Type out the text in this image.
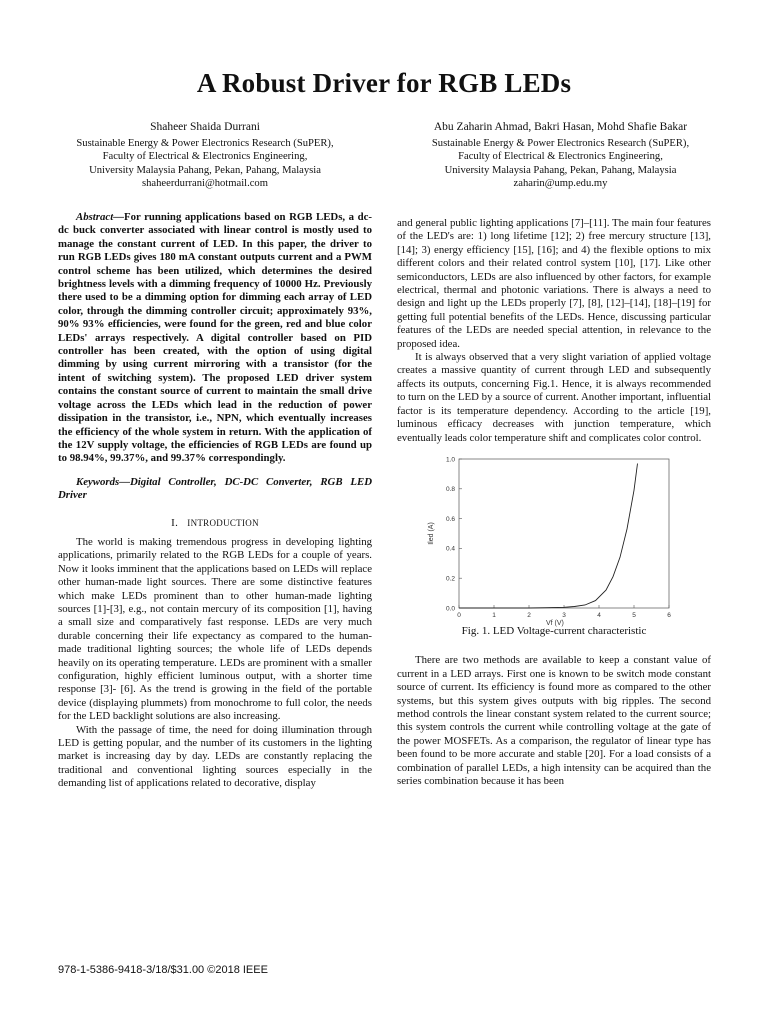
A Robust Driver for RGB LEDs
Shaheer Shaida Durrani
Sustainable Energy & Power Electronics Research (SuPER),
Faculty of Electrical & Electronics Engineering,
University Malaysia Pahang, Pekan, Pahang, Malaysia
shaheerdurrani@hotmail.com
Abu Zaharin Ahmad, Bakri Hasan, Mohd Shafie Bakar
Sustainable Energy & Power Electronics Research (SuPER),
Faculty of Electrical & Electronics Engineering,
University Malaysia Pahang, Pekan, Pahang, Malaysia
zaharin@ump.edu.my

Abstract—For running applications based on RGB LEDs, a dc-dc buck converter associated with linear control is mostly used to manage the constant current of LED. In this paper, the driver to run RGB LEDs gives 180 mA constant outputs current and a PWM control scheme has been utilized, which determines the desired brightness levels with a dimming frequency of 10000 Hz. Previously there used to be a dimming option for dimming each array of LED color, through the dimming controller circuit; approximately 93%, 90% 93% efficiencies, were found for the green, red and blue color LEDs' arrays respectively. A digital controller based on PID controller has been created, with the option of using digital dimming by using current mirroring with a transistor (for the intent of switching system). The proposed LED driver system contains the constant source of current to maintain the small drive voltage across the LEDs which lead in the reduction of power dissipation in the transistor, i.e., NPN, which eventually increases the efficiency of the whole system in return. With the application of the 12V supply voltage, the efficiencies of RGB LEDs are found up to 98.94%, 99.37%, and 99.37% correspondingly.

Keywords—Digital Controller, DC-DC Converter, RGB LED Driver

I. INTRODUCTION

The world is making tremendous progress in developing lighting applications, primarily related to the RGB LEDs for a couple of years. Now it looks imminent that the applications based on LEDs will replace other human-made light sources. There are some distinctive features which make LEDs prominent than to other human-made lighting sources [1]-[3], e.g., not contain mercury of its composition [1], having a small size and comparatively fast response. LEDs are very much durable concerning their life expectancy as compared to the human-made traditional lighting sources; the whole life of LEDs depends heavily on its operating temperature. LEDs are prominent with a smaller configuration, highly efficient luminous output, with a shorter time response [3]- [6]. As the trend is growing in the field of the portable device (displaying plummets) from monochrome to full color, the needs for the LED backlight solutions are also increasing.

With the passage of time, the need for doing illumination through LED is getting popular, and the number of its customers in the lighting market is increasing day by day. LEDs are constantly replacing the traditional and conventional lighting sources especially in the demanding list of applications related to decorative, display

and general public lighting applications [7]–[11]. The main four features of the LED's are: 1) long lifetime [12]; 2) free mercury structure [13], [14]; 3) energy efficiency [15], [16]; and 4) the flexible options to mix different colors and their related control system [10], [17]. Like other semiconductors, LEDs are also influenced by other factors, for example electrical, thermal and photonic variations. There is always a need to design and light up the LEDs properly [7], [8], [12]–[14], [18]–[19] for getting full potential benefits of the LEDs. Hence, discussing particular features of the LEDs are needed special attention, in relevance to the proposed idea.

It is always observed that a very slight variation of applied voltage creates a massive quantity of current through LED and subsequently affects its outputs, concerning Fig.1. Hence, it is always recommended to turn on the LED by a source of current. Another important, influential factor is its temperature dependency. According to the article [19], luminous efficacy decreases with junction temperature, which eventually leads color temperature shift and complicates color control.

0	1	2	3	4	5	6
0.0
0.2
0.4
0.6
0.8
1.0
Vf (V)
Iled (A)

Fig. 1. LED Voltage-current characteristic

There are two methods are available to keep a constant value of current in a LED arrays. First one is known to be switch mode constant source of current. Its efficiency is found more as compared to the other systems, but this system gives outputs with big ripples. The second method controls the linear constant system related to the current source; this system controls the current while controlling voltage at the gate of the power MOSFETs. As a comparison, the regulator of linear type has been found to be more accurate and stable [20]. For a load consists of a combination of parallel LEDs, a high intensity can be acquired than the series combination because it has been

978-1-5386-9418-3/18/$31.00 ©2018 IEEE
